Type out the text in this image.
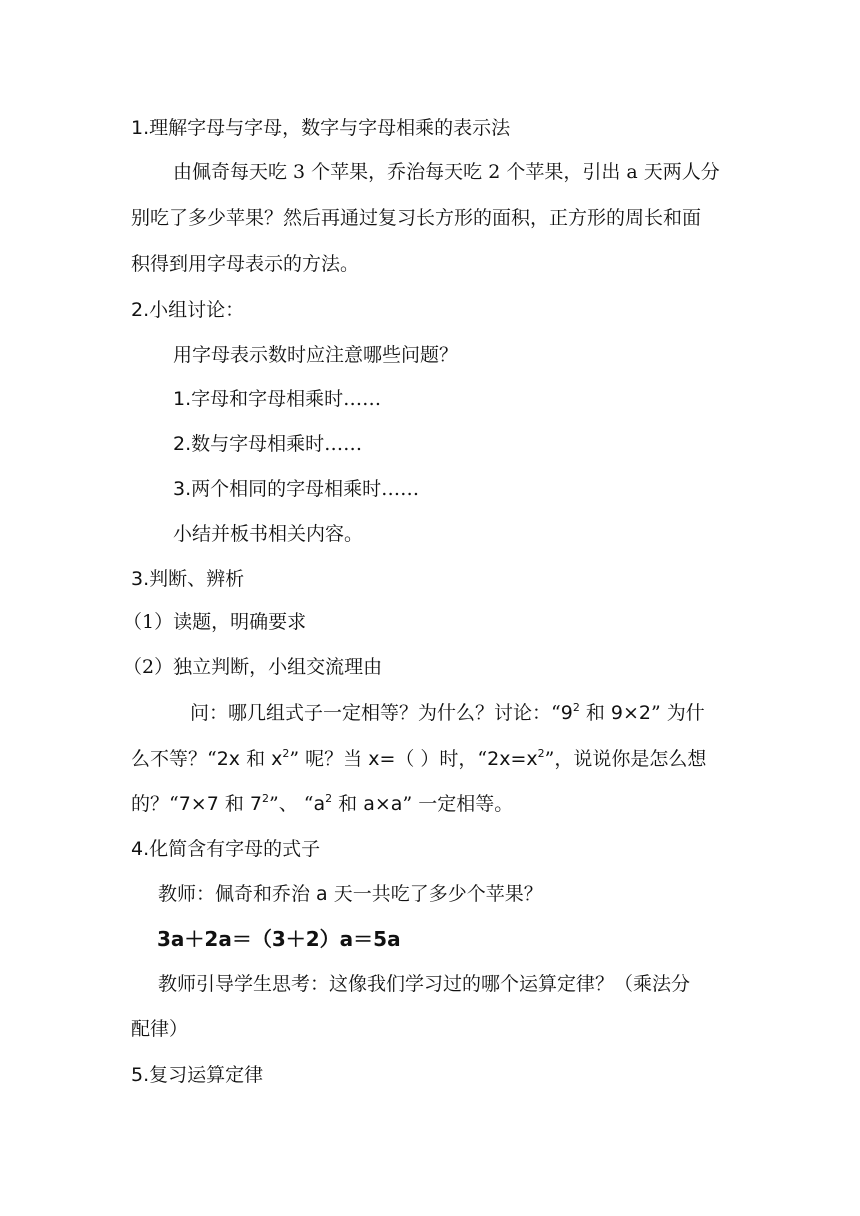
1.理解字母与字母，数字与字母相乘的表示法
由佩奇每天吃 3 个苹果，乔治每天吃 2 个苹果，引出 a 天两人分
别吃了多少苹果？然后再通过复习长方形的面积，正方形的周长和面
积得到用字母表示的方法。
2.小组讨论：
用字母表示数时应注意哪些问题？
1.字母和字母相乘时……
2.数与字母相乘时……
3.两个相同的字母相乘时……
小结并板书相关内容。
3.判断、辨析
（1）读题，明确要求
（2）独立判断，小组交流理由
问：哪几组式子一定相等？为什么？讨论：“$9^2$ 和 9×2” 为什
么不等？“2x 和 $x^2$” 呢？当 x=（ ）时，“$2x=x^2$”，说说你是怎么想
的？“7×7 和 $7^2$”、 “$a^2$ 和 a×a” 一定相等。
4.化简含有字母的式子
教师：佩奇和乔治 a 天一共吃了多少个苹果？
3a＋2a＝（3＋2）a＝5a
教师引导学生思考：这像我们学习过的哪个运算定律？（乘法分
配律）
5.复习运算定律
